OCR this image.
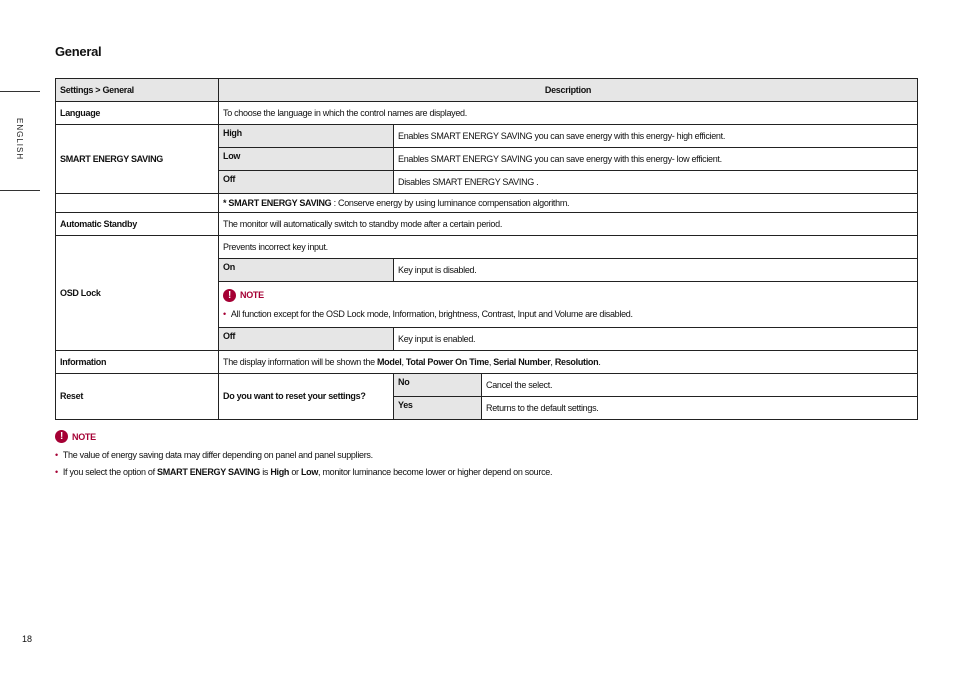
General
ENGLISH
Settings > General	Description		
Language	To choose the language in which the control names are displayed.		
SMART ENERGY SAVING	High	Enables SMART ENERGY SAVING you can save energy with this energy- high efficient.	
	Low	Enables SMART ENERGY SAVING you can save energy with this energy- low efficient.	
	Off	Disables SMART ENERGY SAVING .	
	* SMART ENERGY SAVING : Conserve energy by using luminance compensation algorithm.		
Automatic Standby	The monitor will automatically switch to standby mode after a certain period.		
OSD Lock	Prevents incorrect key input.		
	On	Key input is disabled.	

! NOTE
• All function except for the OSD Lock mode, Information, brightness, Contrast, Input and Volume are disabled.		

	Off	Key input is enabled.	
Information	The display information will be shown the Model, Total Power On Time, Serial Number, Resolution.		
Reset	Do you want to reset your settings?	No	Cancel the select.
		Yes	Returns to the default settings.
! NOTE
• The value of energy saving data may differ depending on panel and panel suppliers.
• If you select the option of SMART ENERGY SAVING is High or Low, monitor luminance become lower or higher depend on source.
18
